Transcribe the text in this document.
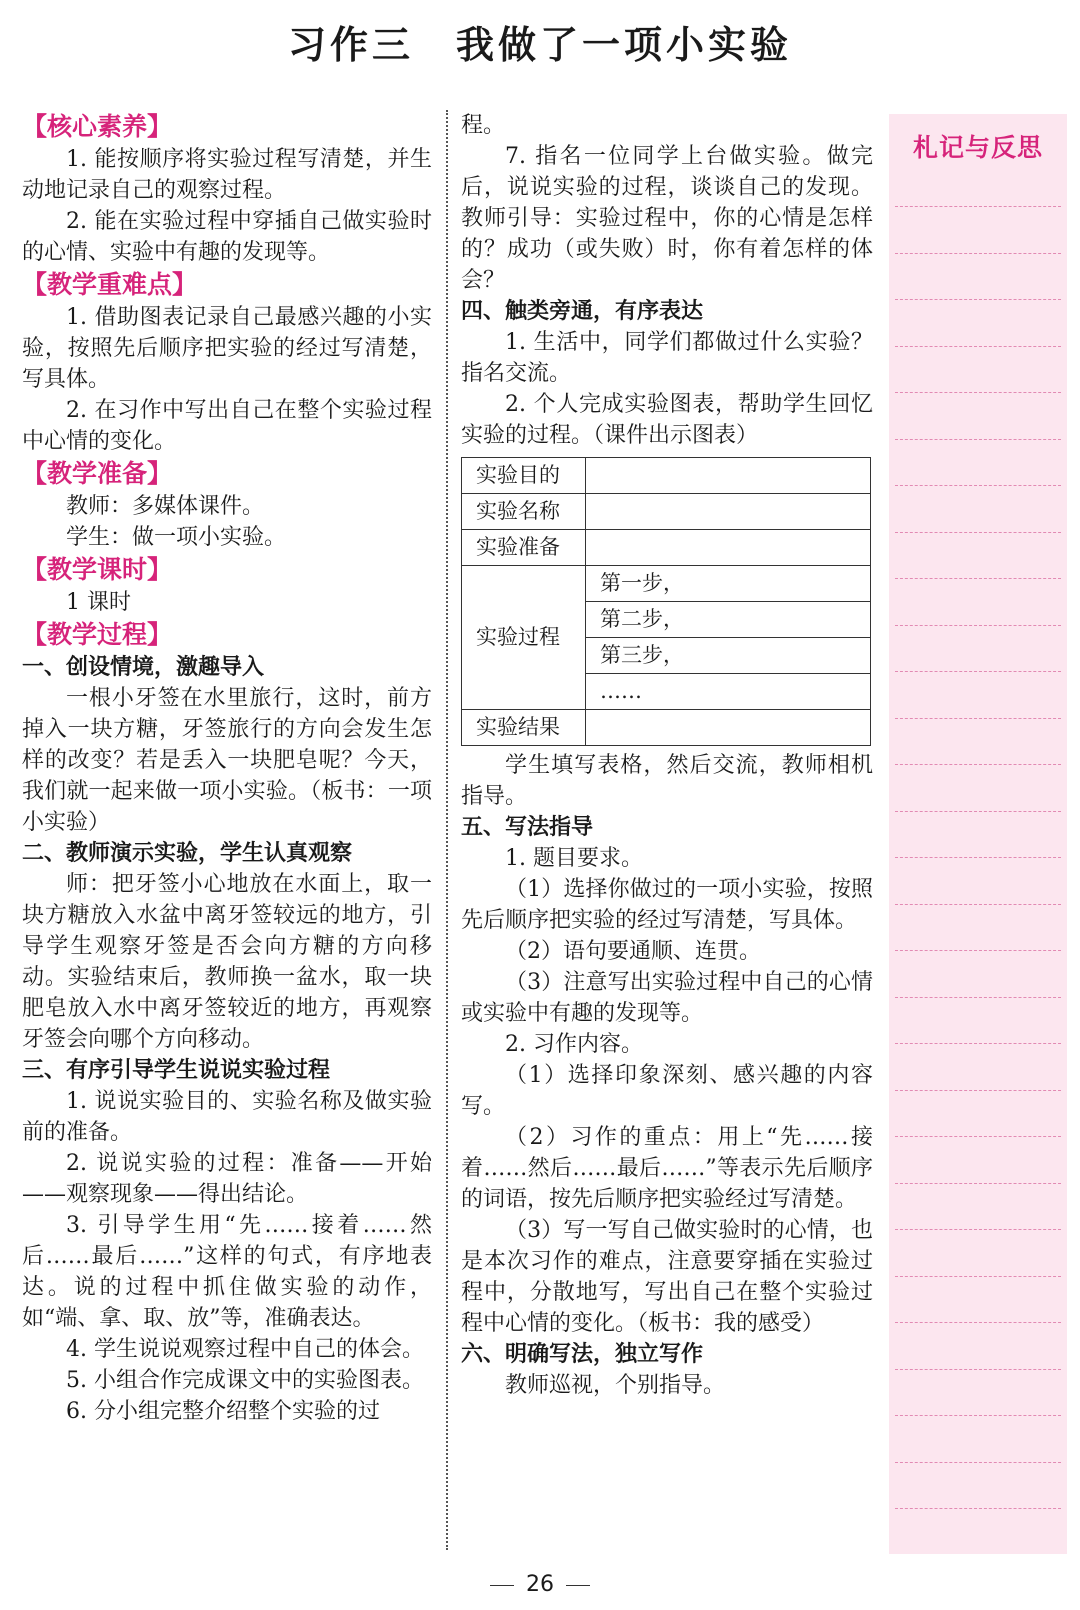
习作三　我做了一项小实验
【核心素养】

1. 能按顺序将实验过程写清楚，并生动地记录自己的观察过程。

2. 能在实验过程中穿插自己做实验时的心情、实验中有趣的发现等。

【教学重难点】

1. 借助图表记录自己最感兴趣的小实验，按照先后顺序把实验的经过写清楚，写具体。

2. 在习作中写出自己在整个实验过程中心情的变化。

【教学准备】

教师：多媒体课件。

学生：做一项小实验。

【教学课时】

1 课时

【教学过程】
一、创设情境，激趣导入

一根小牙签在水里旅行，这时，前方掉入一块方糖，牙签旅行的方向会发生怎样的改变？若是丢入一块肥皂呢？今天，我们就一起来做一项小实验。（板书：一项小实验）

二、教师演示实验，学生认真观察

师：把牙签小心地放在水面上，取一块方糖放入水盆中离牙签较远的地方，引导学生观察牙签是否会向方糖的方向移动。实验结束后，教师换一盆水，取一块肥皂放入水中离牙签较近的地方，再观察牙签会向哪个方向移动。

三、有序引导学生说说实验过程

1. 说说实验目的、实验名称及做实验前的准备。

2. 说说实验的过程：准备——开始——观察现象——得出结论。

3. 引导学生用“先……接着……然后……最后……”这样的句式，有序地表达。说的过程中抓住做实验的动作，如“端、拿、取、放”等，准确表达。

4. 学生说说观察过程中自己的体会。

5. 小组合作完成课文中的实验图表。

6. 分小组完整介绍整个实验的过

程。

7. 指名一位同学上台做实验。做完后，说说实验的过程，谈谈自己的发现。教师引导：实验过程中，你的心情是怎样的？成功（或失败）时，你有着怎样的体会？

四、触类旁通，有序表达

1. 生活中，同学们都做过什么实验？指名交流。

2. 个人完成实验图表，帮助学生回忆实验的过程。（课件出示图表）

实验目的	
实验名称	
实验准备	
实验过程	第一步，
	第二步，
	第三步，
	……
实验结果	

学生填写表格，然后交流，教师相机指导。

五、写法指导

1. 题目要求。

（1）选择你做过的一项小实验，按照先后顺序把实验的经过写清楚，写具体。

（2）语句要通顺、连贯。

（3）注意写出实验过程中自己的心情或实验中有趣的发现等。

2. 习作内容。

（1）选择印象深刻、感兴趣的内容写。

（2）习作的重点：用上“先……接着……然后……最后……”等表示先后顺序的词语，按先后顺序把实验经过写清楚。

（3）写一写自己做实验时的心情，也是本次习作的难点，注意要穿插在实验过程中，分散地写，写出自己在整个实验过程中心情的变化。（板书：我的感受）

六、明确写法，独立写作

教师巡视，个别指导。

札记与反思
26
